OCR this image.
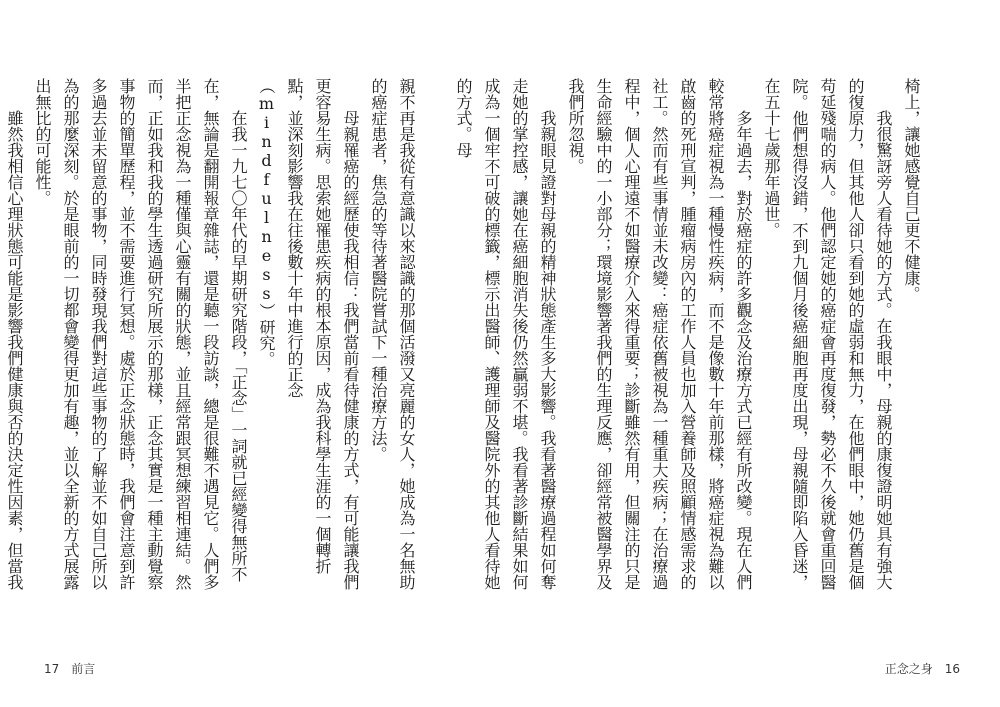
親不再是我從有意識以來認識的那個活潑又亮麗的女人，她成為一名無助的癌症患者，焦急的等待著醫院嘗試下一種治療方法。

母親罹癌的經歷使我相信：我們當前看待健康的方式，有可能讓我們更容易生病。思索她罹患疾病的根本原因，成為我科學生涯的一個轉折點，並深刻影響我在往後數十年中進行的正念（mindfulness）研究。

在我一九七〇年代的早期研究階段，「正念」一詞就已經變得無所不在，無論是翻開報章雜誌，還是聽一段訪談，總是很難不遇見它。人們多半把正念視為一種僅與心靈有關的狀態，並且經常跟冥想練習相連結。然而，正如我和我的學生透過研究所展示的那樣，正念其實是一種主動覺察事物的簡單歷程，並不需要進行冥想。處於正念狀態時，我們會注意到許多過去並未留意的事物，同時發現我們對這些事物的了解並不如自己所以為的那麼深刻。於是眼前的一切都會變得更加有趣，並以全新的方式展露出無比的可能性。

雖然我相信心理狀態可能是影響我們健康與否的決定性因素，但當我

17 前言

椅上，讓她感覺自己更不健康。

我很驚訝旁人看待她的方式。在我眼中，母親的康復證明她具有強大的復原力，但其他人卻只看到她的虛弱和無力，在他們眼中，她仍舊是個苟延殘喘的病人。他們認定她的癌症會再度復發，勢必不久後就會重回醫院。他們想得沒錯，不到九個月後癌細胞再度出現，母親隨即陷入昏迷，在五十七歲那年過世。

多年過去，對於癌症的許多觀念及治療方式已經有所改變。現在人們較常將癌症視為一種慢性疾病，而不是像數十年前那樣，將癌症視為難以啟齒的死刑宣判，腫瘤病房內的工作人員也加入營養師及照顧情感需求的社工。然而有些事情並未改變：癌症依舊被視為一種重大疾病；在治療過程中，個人心理遠不如醫療介入來得重要；診斷雖然有用，但關注的只是生命經驗中的一小部分；環境影響著我們的生理反應，卻經常被醫學界及我們所忽視。

我親眼見證對母親的精神狀態產生多大影響。我看著醫療過程如何奪走她的掌控感，讓她在癌細胞消失後仍然贏弱不堪。我看著診斷結果如何成為一個牢不可破的標籤，標示出醫師、護理師及醫院外的其他人看待她的方式。母

正念之身 16
